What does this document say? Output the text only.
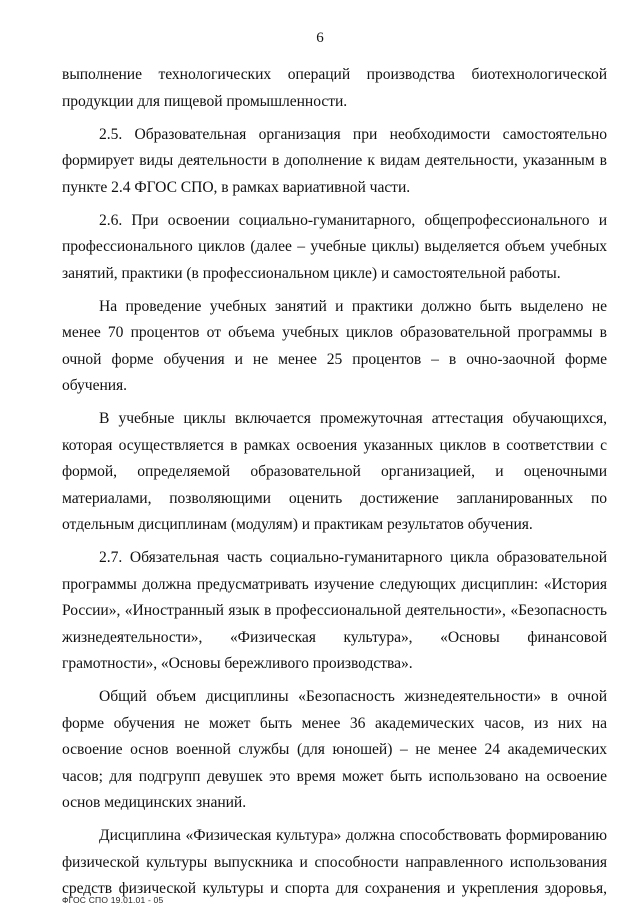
6

выполнение технологических операций производства биотехнологической продукции для пищевой промышленности.

2.5. Образовательная организация при необходимости самостоятельно формирует виды деятельности в дополнение к видам деятельности, указанным в пункте 2.4 ФГОС СПО, в рамках вариативной части.

2.6. При освоении социально-гуманитарного, общепрофессионального и профессионального циклов (далее – учебные циклы) выделяется объем учебных занятий, практики (в профессиональном цикле) и самостоятельной работы.

На проведение учебных занятий и практики должно быть выделено не менее 70 процентов от объема учебных циклов образовательной программы в очной форме обучения и не менее 25 процентов – в очно-заочной форме обучения.

В учебные циклы включается промежуточная аттестация обучающихся, которая осуществляется в рамках освоения указанных циклов в соответствии с формой, определяемой образовательной организацией, и оценочными материалами, позволяющими оценить достижение запланированных по отдельным дисциплинам (модулям) и практикам результатов обучения.

2.7. Обязательная часть социально-гуманитарного цикла образовательной программы должна предусматривать изучение следующих дисциплин: «История России», «Иностранный язык в профессиональной деятельности», «Безопасность жизнедеятельности», «Физическая культура», «Основы финансовой грамотности», «Основы бережливого производства».

Общий объем дисциплины «Безопасность жизнедеятельности» в очной форме обучения не может быть менее 36 академических часов, из них на освоение основ военной службы (для юношей) – не менее 24 академических часов; для подгрупп девушек это время может быть использовано на освоение основ медицинских знаний.

Дисциплина «Физическая культура» должна способствовать формированию физической культуры выпускника и способности направленного использования средств физической культуры и спорта для сохранения и укрепления здоровья,

ФГОС СПО 19.01.01 - 05
